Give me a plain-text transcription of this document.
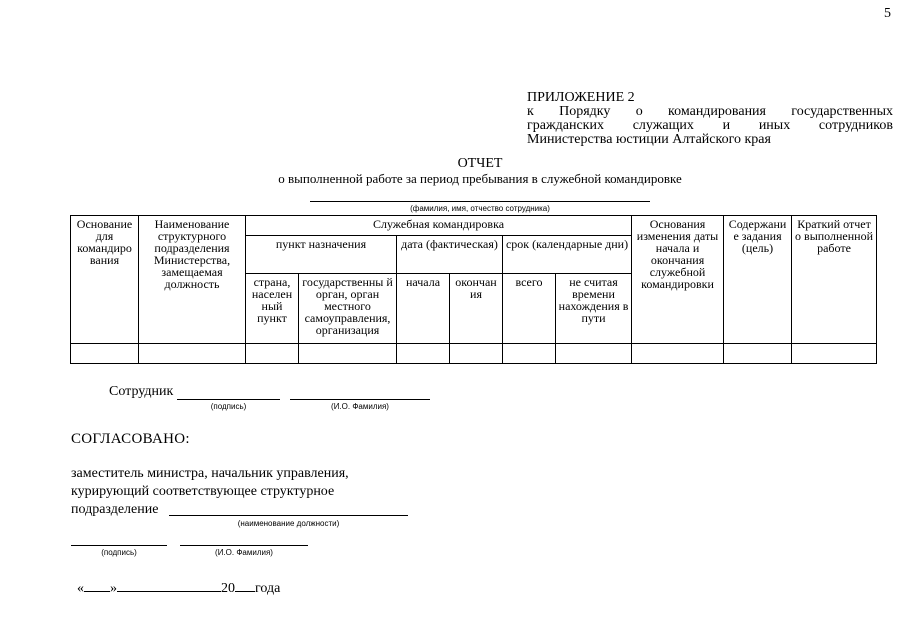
5
ПРИЛОЖЕНИЕ 2
к Порядку о командирования государственных
гражданских служащих и иных сотрудников
Министерства юстиции Алтайского края
ОТЧЕТ
о выполненной работе за период пребывания в служебной командировке
(фамилия, имя, отчество сотрудника)
Основание для командиро вания	Наименование структурного подразделения Министерства, замещаемая должность	Служебная командировка						Основания изменения даты начала и окончания служебной командировки	Содержани е задания (цель)	Краткий отчет о выполненной работе
		пункт назначения		дата (фактическая)		срок (календарные дни)				
		страна, населен ный пункт	государственны й орган, орган местного самоуправления, организация	начала	окончан ия	всего	не считая времени нахождения в пути			

Сотрудник
(подпись)	(И.О. Фамилия)
СОГЛАСОВАНО:
заместитель министра, начальник управления,
курирующий соответствующее структурное
подразделение
(наименование должности)
(подпись)	(И.О. Фамилия)
« »	20 года
